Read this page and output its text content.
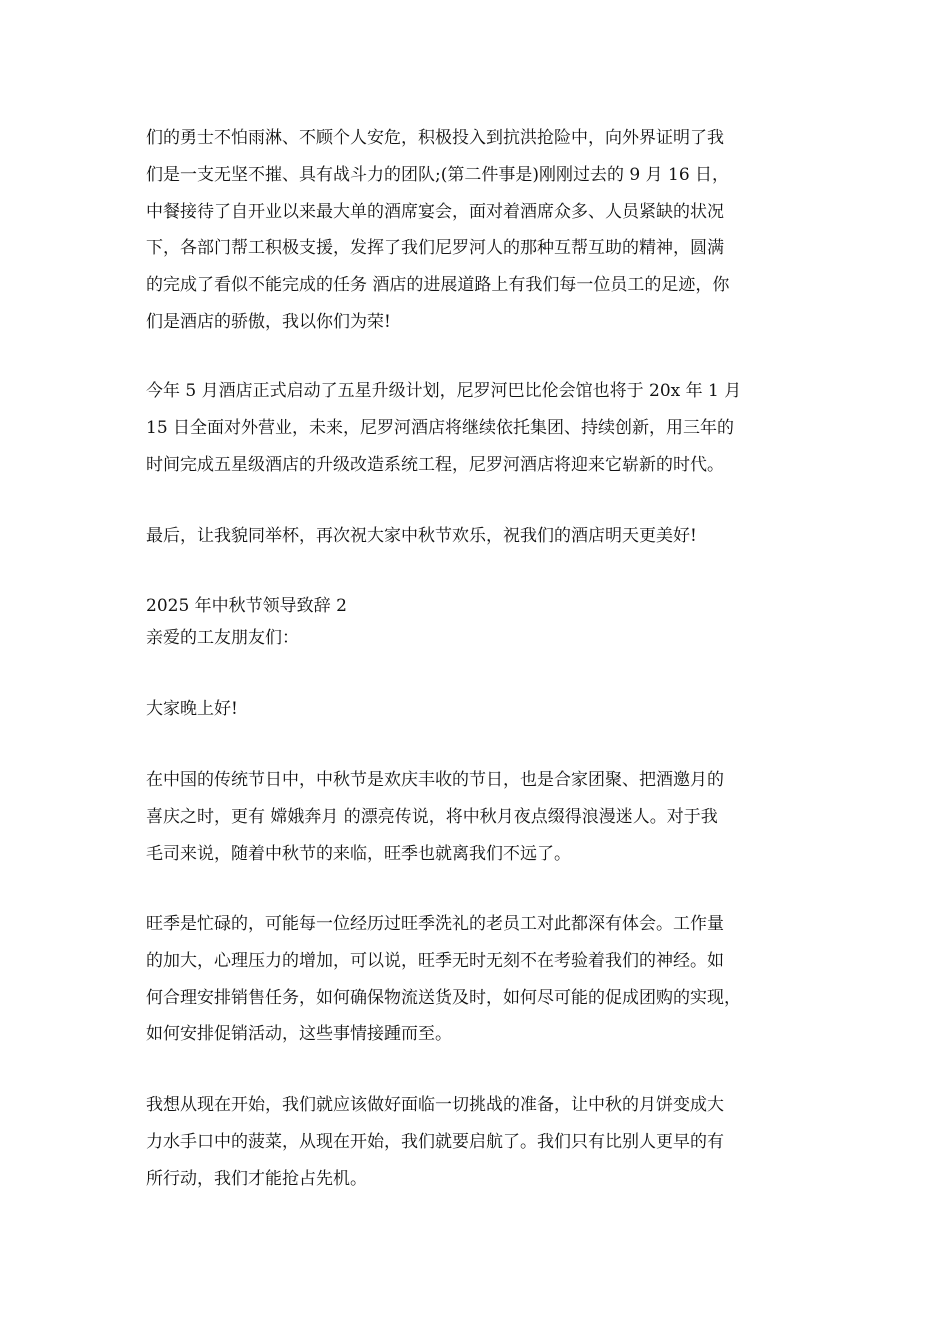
们的勇士不怕雨淋、不顾个人安危，积极投入到抗洪抢险中，向外界证明了我
们是一支无坚不摧、具有战斗力的团队;(第二件事是)刚刚过去的 9 月 16 日，
中餐接待了自开业以来最大单的酒席宴会，面对着酒席众多、人员紧缺的状况
下，各部门帮工积极支援，发挥了我们尼罗河人的那种互帮互助的精神，圆满
的完成了看似不能完成的任务 酒店的进展道路上有我们每一位员工的足迹，你
们是酒店的骄傲，我以你们为荣!
今年 5 月酒店正式启动了五星升级计划，尼罗河巴比伦会馆也将于 20x 年 1 月
15 日全面对外营业，未来，尼罗河酒店将继续依托集团、持续创新，用三年的
时间完成五星级酒店的升级改造系统工程，尼罗河酒店将迎来它崭新的时代。
最后，让我貌同举杯，再次祝大家中秋节欢乐，祝我们的酒店明天更美好!
2025 年中秋节领导致辞 2
亲爱的工友朋友们：
大家晚上好!
在中国的传统节日中，中秋节是欢庆丰收的节日，也是合家团聚、把酒邀月的
喜庆之时，更有 嫦娥奔月 的漂亮传说，将中秋月夜点缀得浪漫迷人。对于我
毛司来说，随着中秋节的来临，旺季也就离我们不远了。
旺季是忙碌的，可能每一位经历过旺季洗礼的老员工对此都深有体会。工作量
的加大，心理压力的增加，可以说，旺季无时无刻不在考验着我们的神经。如
何合理安排销售任务，如何确保物流送货及时，如何尽可能的促成团购的实现，
如何安排促销活动，这些事情接踵而至。
我想从现在开始，我们就应该做好面临一切挑战的准备，让中秋的月饼变成大
力水手口中的菠菜，从现在开始，我们就要启航了。我们只有比别人更早的有
所行动，我们才能抢占先机。
